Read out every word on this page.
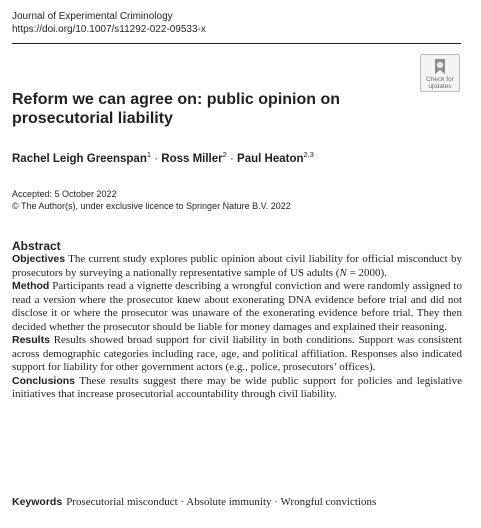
Journal of Experimental Criminology
https://doi.org/10.1007/s11292-022-09533-x
Check for
updates
Reform we can agree on: public opinion on prosecutorial liability
Rachel Leigh Greenspan$^1$ · Ross Miller$^2$ · Paul Heaton$^{2,3}$
Accepted: 5 October 2022
© The Author(s), under exclusive licence to Springer Nature B.V. 2022
Abstract

Objectives The current study explores public opinion about civil liability for official misconduct by prosecutors by surveying a nationally representative sample of US adults (N = 2000).

Method Participants read a vignette describing a wrongful conviction and were randomly assigned to read a version where the prosecutor knew about exonerating DNA evidence before trial and did not disclose it or where the prosecutor was unaware of the exonerating evidence before trial. They then decided whether the prosecutor should be liable for money damages and explained their reasoning.

Results Results showed broad support for civil liability in both conditions. Support was consistent across demographic categories including race, age, and political affiliation. Responses also indicated support for liability for other government actors (e.g., police, prosecutors’ offices).

Conclusions These results suggest there may be wide public support for policies and legislative initiatives that increase prosecutorial accountability through civil liability.

Keywords Prosecutorial misconduct · Absolute immunity · Wrongful convictions
